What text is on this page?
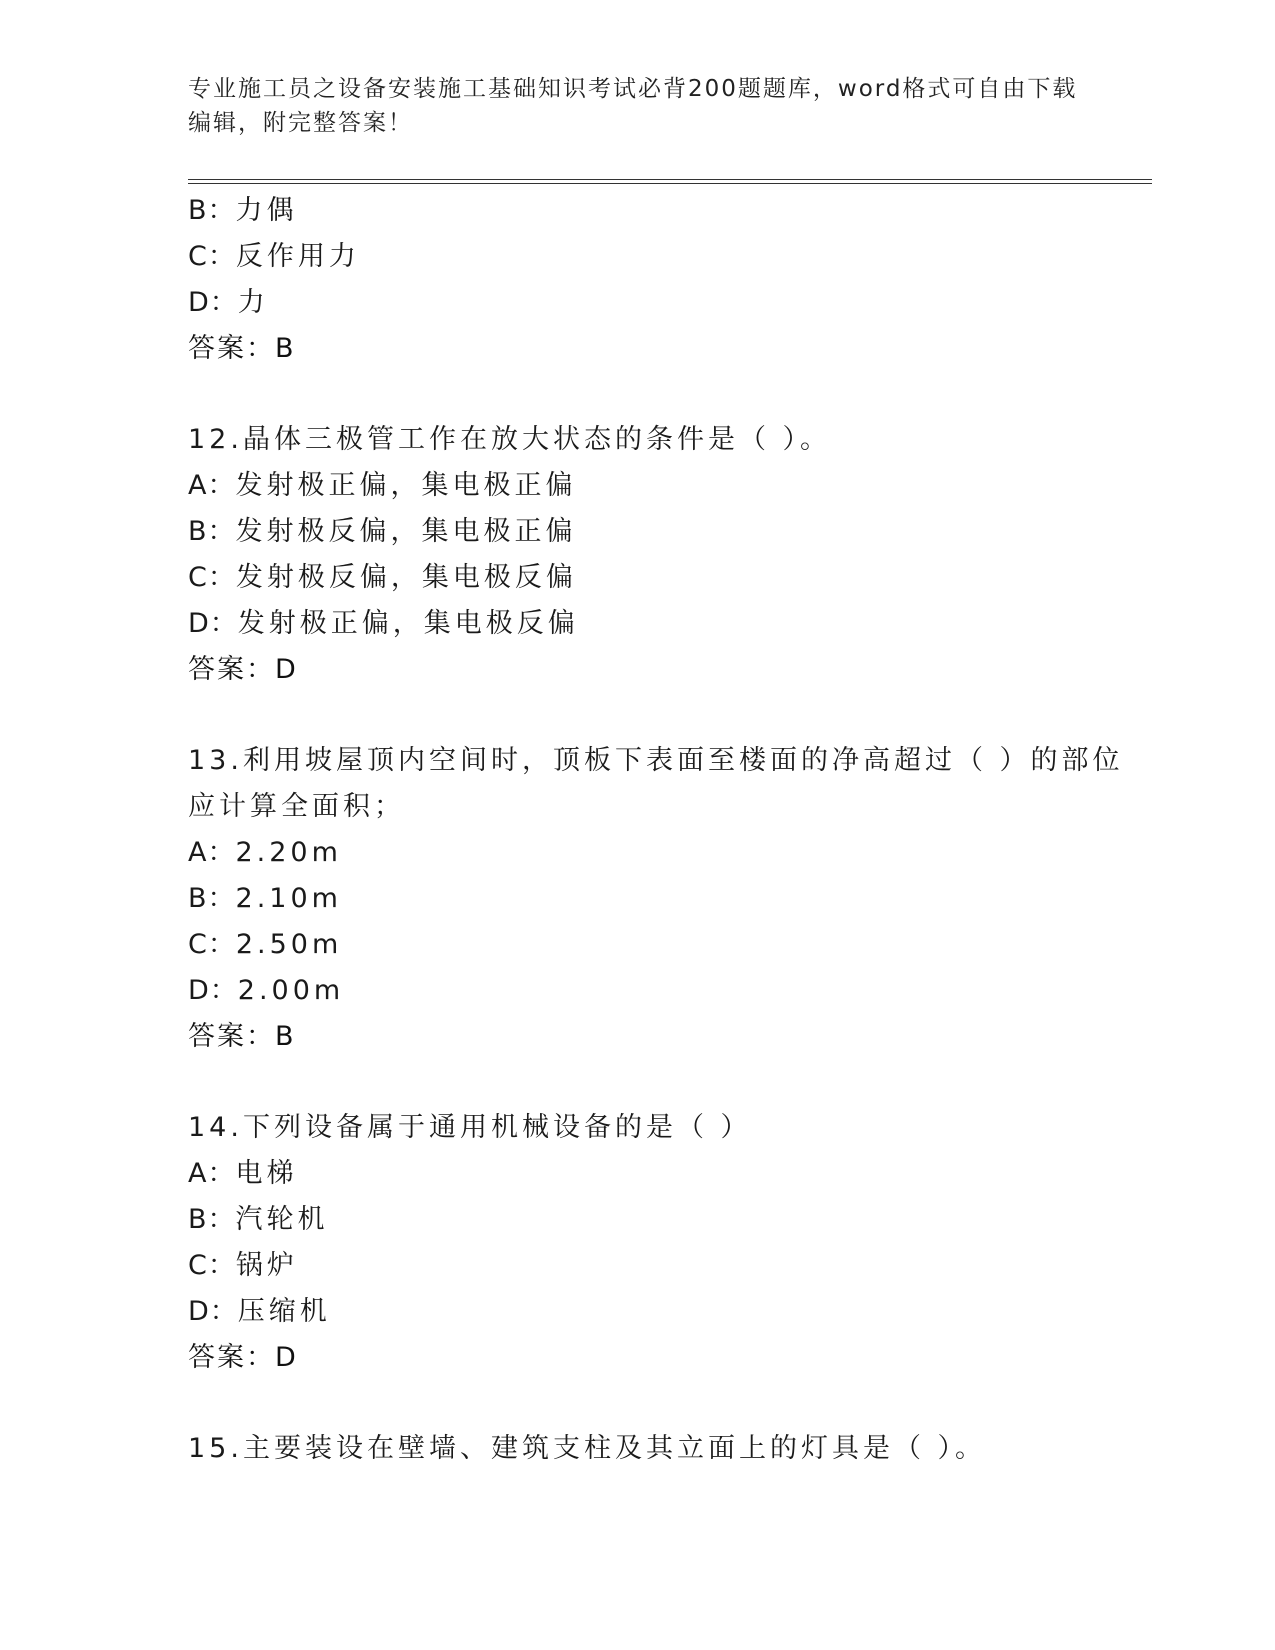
专业施工员之设备安装施工基础知识考试必背200题题库，word格式可自由下载
编辑，附完整答案！
B：力偶
C：反作用力
D：力
答案：B
12.晶体三极管工作在放大状态的条件是（ ）。
A：发射极正偏，集电极正偏
B：发射极反偏，集电极正偏
C：发射极反偏，集电极反偏
D：发射极正偏，集电极反偏
答案：D
13.利用坡屋顶内空间时，顶板下表面至楼面的净高超过（ ）的部位
应计算全面积；
A：2.20m
B：2.10m
C：2.50m
D：2.00m
答案：B
14.下列设备属于通用机械设备的是（ ）
A：电梯
B：汽轮机
C：锅炉
D：压缩机
答案：D
15.主要装设在壁墙、建筑支柱及其立面上的灯具是（ ）。
